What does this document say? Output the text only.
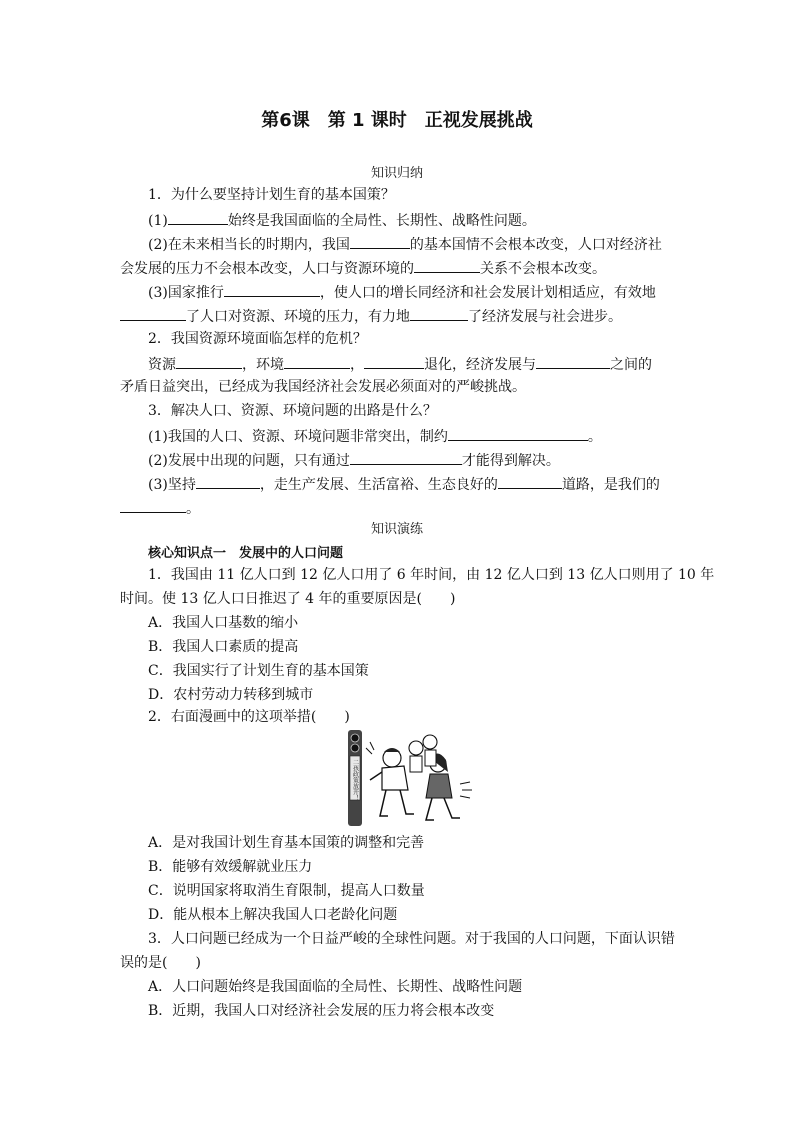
第6课 第 1 课时 正视发展挑战
知识归纳
1．为什么要坚持计划生育的基本国策？
(1)	始终是我国面临的全局性、长期性、战略性问题。
(2)在未来相当长的时期内，我国	的基本国情不会根本改变，人口对经济社
会发展的压力不会根本改变，人口与资源环境的	关系不会根本改变。
(3)国家推行	，使人口的增长同经济和社会发展计划相适应，有效地
了人口对资源、环境的压力，有力地	了经济发展与社会进步。
2．我国资源环境面临怎样的危机？
资源	，环境	，	退化，经济发展与	之间的
矛盾日益突出，已经成为我国经济社会发展必须面对的严峻挑战。
3．解决人口、资源、环境问题的出路是什么？
(1)我国的人口、资源、环境问题非常突出，制约	。
(2)发展中出现的问题，只有通过	才能得到解决。
(3)坚持	，走生产发展、生活富裕、生态良好的	道路，是我们的
。
知识演练
核心知识点一　发展中的人口问题
1．我国由 11 亿人口到 12 亿人口用了 6 年时间，由 12 亿人口到 13 亿人口则用了 10 年
时间。使 13 亿人口日推迟了 4 年的重要原因是(　　)
A．我国人口基数的缩小
B．我国人口素质的提高
C．我国实行了计划生育的基本国策
D．农村劳动力转移到城市
2．右面漫画中的这项举措(　　)
二孩政策放开！
A．是对我国计划生育基本国策的调整和完善
B．能够有效缓解就业压力
C．说明国家将取消生育限制，提高人口数量
D．能从根本上解决我国人口老龄化问题
3．人口问题已经成为一个日益严峻的全球性问题。对于我国的人口问题，下面认识错
误的是(　　)
A．人口问题始终是我国面临的全局性、长期性、战略性问题
B．近期，我国人口对经济社会发展的压力将会根本改变
